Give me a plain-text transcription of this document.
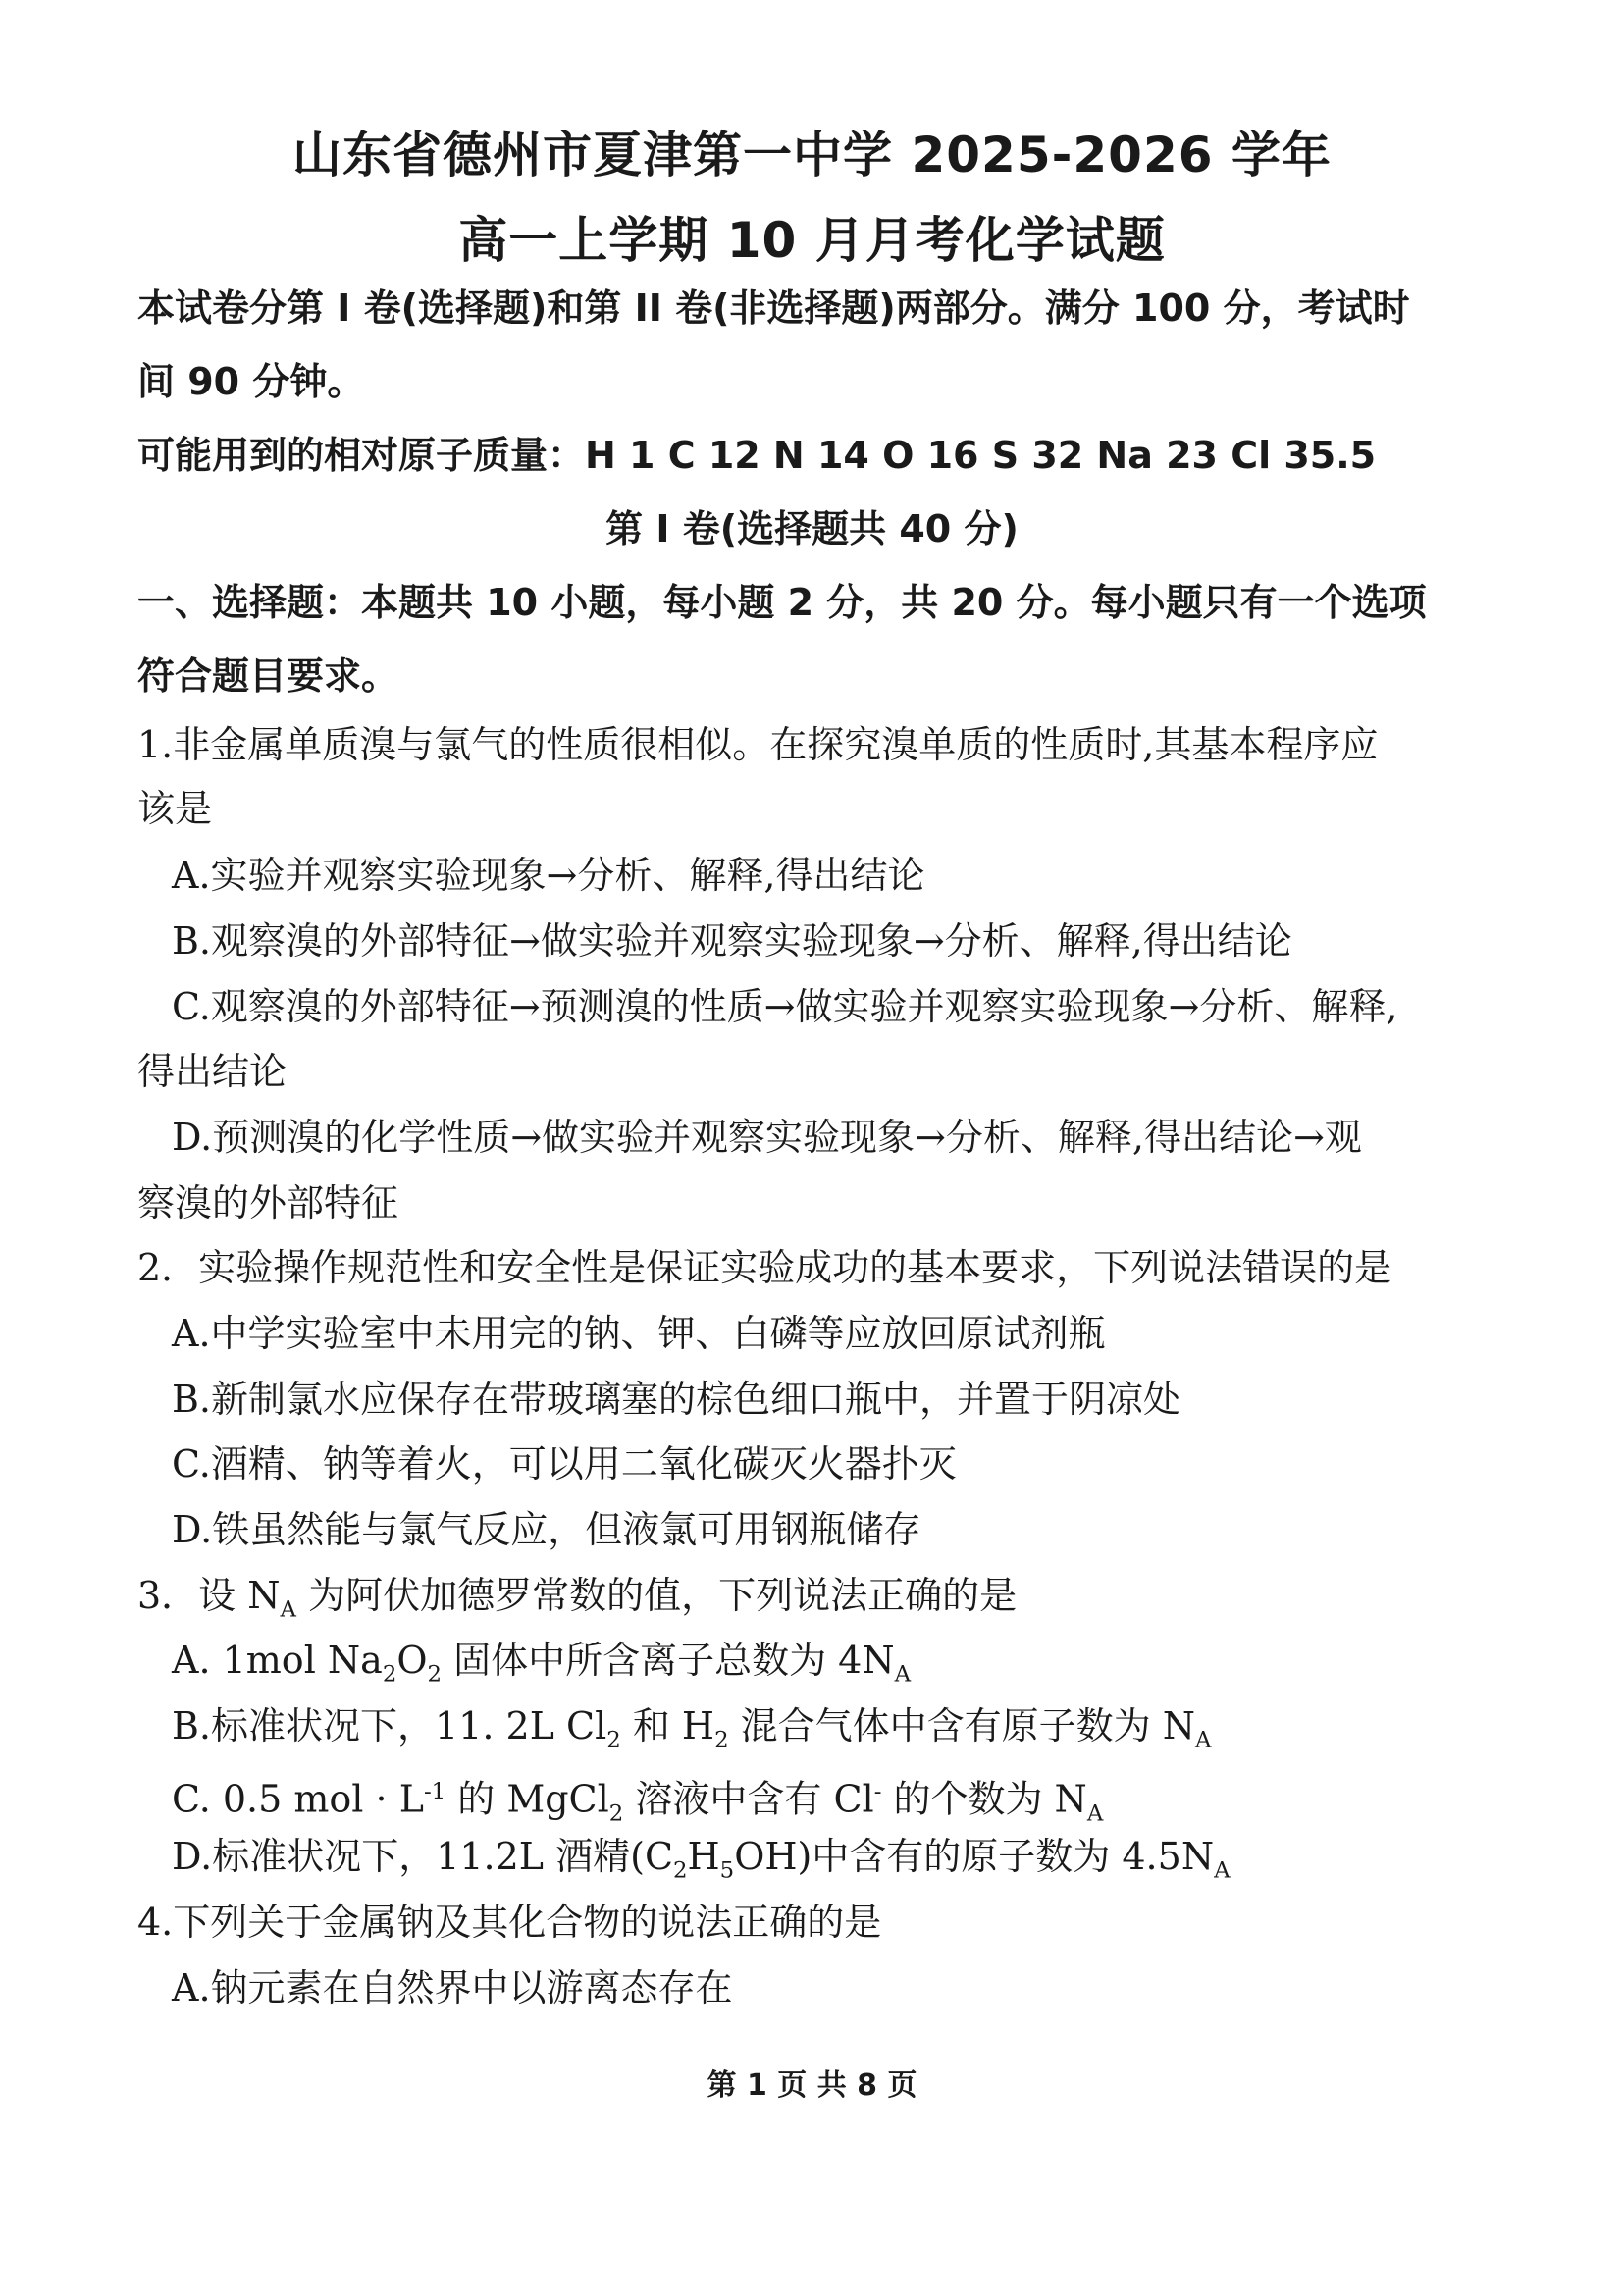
山东省德州市夏津第一中学 2025-2026 学年
高一上学期 10 月月考化学试题
本试卷分第 I 卷(选择题)和第 II 卷(非选择题)两部分。满分 100 分，考试时
间 90 分钟。
可能用到的相对原子质量：H 1 C 12 N 14 O 16 S 32 Na 23 Cl 35.5
第 I 卷(选择题共 40 分)
一、选择题：本题共 10 小题，每小题 2 分，共 20 分。每小题只有一个选项
符合题目要求。
1.非金属单质溴与氯气的性质很相似。在探究溴单质的性质时,其基本程序应
该是
A.实验并观察实验现象→分析、解释,得出结论
B.观察溴的外部特征→做实验并观察实验现象→分析、解释,得出结论
C.观察溴的外部特征→预测溴的性质→做实验并观察实验现象→分析、解释,
得出结论
D.预测溴的化学性质→做实验并观察实验现象→分析、解释,得出结论→观
察溴的外部特征
2．实验操作规范性和安全性是保证实验成功的基本要求，下列说法错误的是
A.中学实验室中未用完的钠、钾、白磷等应放回原试剂瓶
B.新制氯水应保存在带玻璃塞的棕色细口瓶中，并置于阴凉处
C.酒精、钠等着火，可以用二氧化碳灭火器扑灭
D.铁虽然能与氯气反应，但液氯可用钢瓶储存
3．设 $N_A$ 为阿伏加德罗常数的值，下列说法正确的是
A. 1mol $Na_2O_2$ 固体中所含离子总数为 $4N_A$
B.标准状况下，11. 2L $Cl_2$ 和 $H_2$ 混合气体中含有原子数为 $N_A$
C. 0.5 mol · $L^{-1}$ 的 MgCl$_2$ 溶液中含有 Cl- 的个数为 $N_A$
D.标准状况下，11.2L 酒精$(C_2H_5OH)$中含有的原子数为 $4.5N_A$
4.下列关于金属钠及其化合物的说法正确的是
A.钠元素在自然界中以游离态存在
第 1 页 共 8 页
